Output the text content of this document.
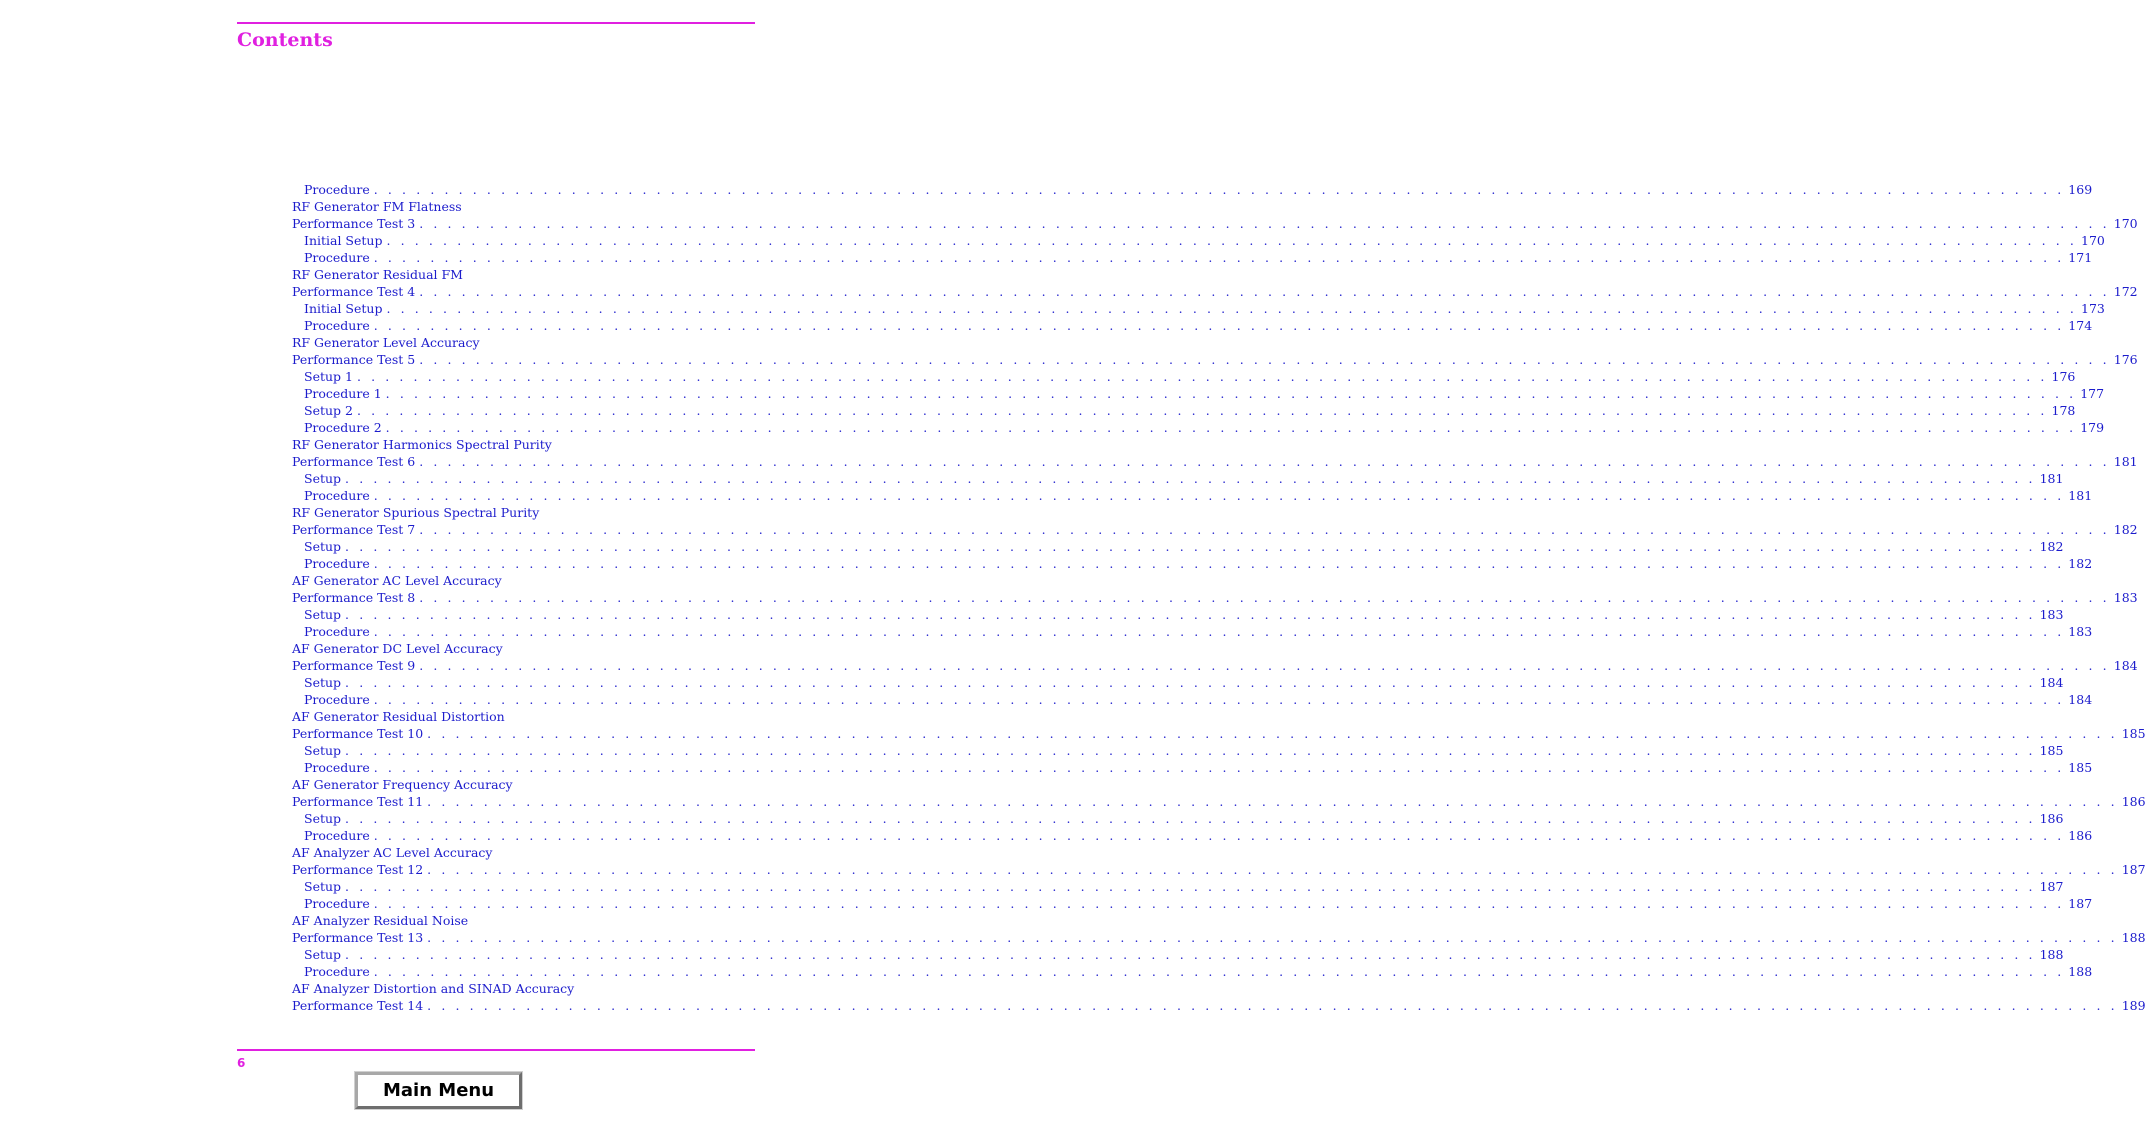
Contents
Procedure . . . . . . . . . . . . . . . . . . . . . . . . . . . . . . . . . . . . . . . . . . . . . . . . . . . . . . . . . . . . . . . . . . . . . . . . . . . . . . . . . . . . . . . . . . . . . . . . . . . . . . . . . . . . . . . . . . . . . . . . 169
RF Generator FM Flatness
Performance Test 3 . . . . . . . . . . . . . . . . . . . . . . . . . . . . . . . . . . . . . . . . . . . . . . . . . . . . . . . . . . . . . . . . . . . . . . . . . . . . . . . . . . . . . . . . . . . . . . . . . . . . . . . . . . . . . . . . . . . . . . . . 170
Initial Setup . . . . . . . . . . . . . . . . . . . . . . . . . . . . . . . . . . . . . . . . . . . . . . . . . . . . . . . . . . . . . . . . . . . . . . . . . . . . . . . . . . . . . . . . . . . . . . . . . . . . . . . . . . . . . . . . . . . . . . . . 170
Procedure . . . . . . . . . . . . . . . . . . . . . . . . . . . . . . . . . . . . . . . . . . . . . . . . . . . . . . . . . . . . . . . . . . . . . . . . . . . . . . . . . . . . . . . . . . . . . . . . . . . . . . . . . . . . . . . . . . . . . . . . 171
RF Generator Residual FM
Performance Test 4 . . . . . . . . . . . . . . . . . . . . . . . . . . . . . . . . . . . . . . . . . . . . . . . . . . . . . . . . . . . . . . . . . . . . . . . . . . . . . . . . . . . . . . . . . . . . . . . . . . . . . . . . . . . . . . . . . . . . . . . . 172
Initial Setup . . . . . . . . . . . . . . . . . . . . . . . . . . . . . . . . . . . . . . . . . . . . . . . . . . . . . . . . . . . . . . . . . . . . . . . . . . . . . . . . . . . . . . . . . . . . . . . . . . . . . . . . . . . . . . . . . . . . . . . . 173
Procedure . . . . . . . . . . . . . . . . . . . . . . . . . . . . . . . . . . . . . . . . . . . . . . . . . . . . . . . . . . . . . . . . . . . . . . . . . . . . . . . . . . . . . . . . . . . . . . . . . . . . . . . . . . . . . . . . . . . . . . . . 174
RF Generator Level Accuracy
Performance Test 5 . . . . . . . . . . . . . . . . . . . . . . . . . . . . . . . . . . . . . . . . . . . . . . . . . . . . . . . . . . . . . . . . . . . . . . . . . . . . . . . . . . . . . . . . . . . . . . . . . . . . . . . . . . . . . . . . . . . . . . . . 176
Setup 1 . . . . . . . . . . . . . . . . . . . . . . . . . . . . . . . . . . . . . . . . . . . . . . . . . . . . . . . . . . . . . . . . . . . . . . . . . . . . . . . . . . . . . . . . . . . . . . . . . . . . . . . . . . . . . . . . . . . . . . . . 176
Procedure 1 . . . . . . . . . . . . . . . . . . . . . . . . . . . . . . . . . . . . . . . . . . . . . . . . . . . . . . . . . . . . . . . . . . . . . . . . . . . . . . . . . . . . . . . . . . . . . . . . . . . . . . . . . . . . . . . . . . . . . . . . 177
Setup 2 . . . . . . . . . . . . . . . . . . . . . . . . . . . . . . . . . . . . . . . . . . . . . . . . . . . . . . . . . . . . . . . . . . . . . . . . . . . . . . . . . . . . . . . . . . . . . . . . . . . . . . . . . . . . . . . . . . . . . . . . 178
Procedure 2 . . . . . . . . . . . . . . . . . . . . . . . . . . . . . . . . . . . . . . . . . . . . . . . . . . . . . . . . . . . . . . . . . . . . . . . . . . . . . . . . . . . . . . . . . . . . . . . . . . . . . . . . . . . . . . . . . . . . . . . . 179
RF Generator Harmonics Spectral Purity
Performance Test 6 . . . . . . . . . . . . . . . . . . . . . . . . . . . . . . . . . . . . . . . . . . . . . . . . . . . . . . . . . . . . . . . . . . . . . . . . . . . . . . . . . . . . . . . . . . . . . . . . . . . . . . . . . . . . . . . . . . . . . . . . 181
Setup . . . . . . . . . . . . . . . . . . . . . . . . . . . . . . . . . . . . . . . . . . . . . . . . . . . . . . . . . . . . . . . . . . . . . . . . . . . . . . . . . . . . . . . . . . . . . . . . . . . . . . . . . . . . . . . . . . . . . . . . 181
Procedure . . . . . . . . . . . . . . . . . . . . . . . . . . . . . . . . . . . . . . . . . . . . . . . . . . . . . . . . . . . . . . . . . . . . . . . . . . . . . . . . . . . . . . . . . . . . . . . . . . . . . . . . . . . . . . . . . . . . . . . . 181
RF Generator Spurious Spectral Purity
Performance Test 7 . . . . . . . . . . . . . . . . . . . . . . . . . . . . . . . . . . . . . . . . . . . . . . . . . . . . . . . . . . . . . . . . . . . . . . . . . . . . . . . . . . . . . . . . . . . . . . . . . . . . . . . . . . . . . . . . . . . . . . . . 182
Setup . . . . . . . . . . . . . . . . . . . . . . . . . . . . . . . . . . . . . . . . . . . . . . . . . . . . . . . . . . . . . . . . . . . . . . . . . . . . . . . . . . . . . . . . . . . . . . . . . . . . . . . . . . . . . . . . . . . . . . . . 182
Procedure . . . . . . . . . . . . . . . . . . . . . . . . . . . . . . . . . . . . . . . . . . . . . . . . . . . . . . . . . . . . . . . . . . . . . . . . . . . . . . . . . . . . . . . . . . . . . . . . . . . . . . . . . . . . . . . . . . . . . . . . 182
AF Generator AC Level Accuracy
Performance Test 8 . . . . . . . . . . . . . . . . . . . . . . . . . . . . . . . . . . . . . . . . . . . . . . . . . . . . . . . . . . . . . . . . . . . . . . . . . . . . . . . . . . . . . . . . . . . . . . . . . . . . . . . . . . . . . . . . . . . . . . . . 183
Setup . . . . . . . . . . . . . . . . . . . . . . . . . . . . . . . . . . . . . . . . . . . . . . . . . . . . . . . . . . . . . . . . . . . . . . . . . . . . . . . . . . . . . . . . . . . . . . . . . . . . . . . . . . . . . . . . . . . . . . . . 183
Procedure . . . . . . . . . . . . . . . . . . . . . . . . . . . . . . . . . . . . . . . . . . . . . . . . . . . . . . . . . . . . . . . . . . . . . . . . . . . . . . . . . . . . . . . . . . . . . . . . . . . . . . . . . . . . . . . . . . . . . . . . 183
AF Generator DC Level Accuracy
Performance Test 9 . . . . . . . . . . . . . . . . . . . . . . . . . . . . . . . . . . . . . . . . . . . . . . . . . . . . . . . . . . . . . . . . . . . . . . . . . . . . . . . . . . . . . . . . . . . . . . . . . . . . . . . . . . . . . . . . . . . . . . . . 184
Setup . . . . . . . . . . . . . . . . . . . . . . . . . . . . . . . . . . . . . . . . . . . . . . . . . . . . . . . . . . . . . . . . . . . . . . . . . . . . . . . . . . . . . . . . . . . . . . . . . . . . . . . . . . . . . . . . . . . . . . . . 184
Procedure . . . . . . . . . . . . . . . . . . . . . . . . . . . . . . . . . . . . . . . . . . . . . . . . . . . . . . . . . . . . . . . . . . . . . . . . . . . . . . . . . . . . . . . . . . . . . . . . . . . . . . . . . . . . . . . . . . . . . . . . 184
AF Generator Residual Distortion
Performance Test 10 . . . . . . . . . . . . . . . . . . . . . . . . . . . . . . . . . . . . . . . . . . . . . . . . . . . . . . . . . . . . . . . . . . . . . . . . . . . . . . . . . . . . . . . . . . . . . . . . . . . . . . . . . . . . . . . . . . . . . . . . 185
Setup . . . . . . . . . . . . . . . . . . . . . . . . . . . . . . . . . . . . . . . . . . . . . . . . . . . . . . . . . . . . . . . . . . . . . . . . . . . . . . . . . . . . . . . . . . . . . . . . . . . . . . . . . . . . . . . . . . . . . . . . 185
Procedure . . . . . . . . . . . . . . . . . . . . . . . . . . . . . . . . . . . . . . . . . . . . . . . . . . . . . . . . . . . . . . . . . . . . . . . . . . . . . . . . . . . . . . . . . . . . . . . . . . . . . . . . . . . . . . . . . . . . . . . . 185
AF Generator Frequency Accuracy
Performance Test 11 . . . . . . . . . . . . . . . . . . . . . . . . . . . . . . . . . . . . . . . . . . . . . . . . . . . . . . . . . . . . . . . . . . . . . . . . . . . . . . . . . . . . . . . . . . . . . . . . . . . . . . . . . . . . . . . . . . . . . . . . 186
Setup . . . . . . . . . . . . . . . . . . . . . . . . . . . . . . . . . . . . . . . . . . . . . . . . . . . . . . . . . . . . . . . . . . . . . . . . . . . . . . . . . . . . . . . . . . . . . . . . . . . . . . . . . . . . . . . . . . . . . . . . 186
Procedure . . . . . . . . . . . . . . . . . . . . . . . . . . . . . . . . . . . . . . . . . . . . . . . . . . . . . . . . . . . . . . . . . . . . . . . . . . . . . . . . . . . . . . . . . . . . . . . . . . . . . . . . . . . . . . . . . . . . . . . . 186
AF Analyzer AC Level Accuracy
Performance Test 12 . . . . . . . . . . . . . . . . . . . . . . . . . . . . . . . . . . . . . . . . . . . . . . . . . . . . . . . . . . . . . . . . . . . . . . . . . . . . . . . . . . . . . . . . . . . . . . . . . . . . . . . . . . . . . . . . . . . . . . . . 187
Setup . . . . . . . . . . . . . . . . . . . . . . . . . . . . . . . . . . . . . . . . . . . . . . . . . . . . . . . . . . . . . . . . . . . . . . . . . . . . . . . . . . . . . . . . . . . . . . . . . . . . . . . . . . . . . . . . . . . . . . . . 187
Procedure . . . . . . . . . . . . . . . . . . . . . . . . . . . . . . . . . . . . . . . . . . . . . . . . . . . . . . . . . . . . . . . . . . . . . . . . . . . . . . . . . . . . . . . . . . . . . . . . . . . . . . . . . . . . . . . . . . . . . . . . 187
AF Analyzer Residual Noise
Performance Test 13 . . . . . . . . . . . . . . . . . . . . . . . . . . . . . . . . . . . . . . . . . . . . . . . . . . . . . . . . . . . . . . . . . . . . . . . . . . . . . . . . . . . . . . . . . . . . . . . . . . . . . . . . . . . . . . . . . . . . . . . . 188
Setup . . . . . . . . . . . . . . . . . . . . . . . . . . . . . . . . . . . . . . . . . . . . . . . . . . . . . . . . . . . . . . . . . . . . . . . . . . . . . . . . . . . . . . . . . . . . . . . . . . . . . . . . . . . . . . . . . . . . . . . . 188
Procedure . . . . . . . . . . . . . . . . . . . . . . . . . . . . . . . . . . . . . . . . . . . . . . . . . . . . . . . . . . . . . . . . . . . . . . . . . . . . . . . . . . . . . . . . . . . . . . . . . . . . . . . . . . . . . . . . . . . . . . . . 188
AF Analyzer Distortion and SINAD Accuracy
Performance Test 14 . . . . . . . . . . . . . . . . . . . . . . . . . . . . . . . . . . . . . . . . . . . . . . . . . . . . . . . . . . . . . . . . . . . . . . . . . . . . . . . . . . . . . . . . . . . . . . . . . . . . . . . . . . . . . . . . . . . . . . . . 189
6
Main Menu
